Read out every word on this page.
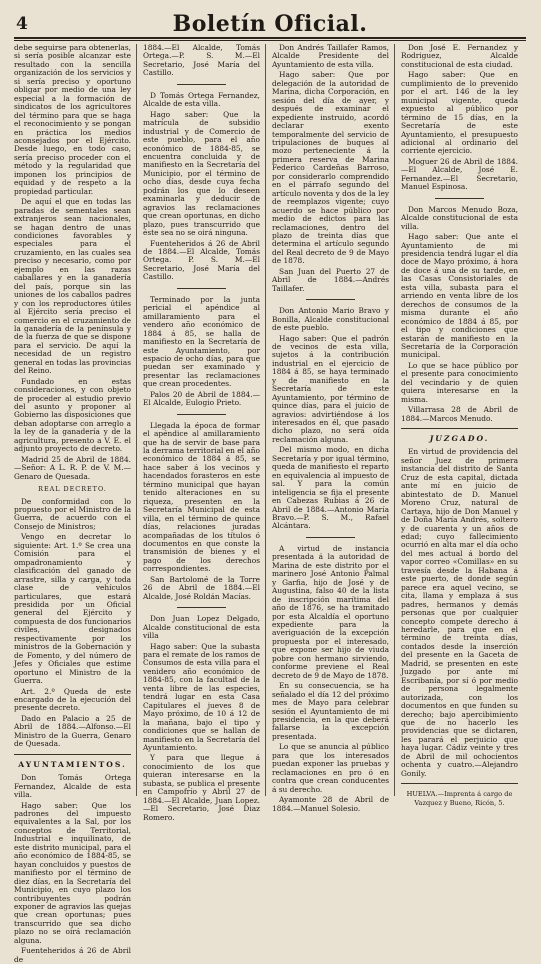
4	Boletín Oficial.

debe seguirse para obtenerlas, si sería posible alcanzar este resultado con la sencilla organización de los servicios y si sería preciso y oportuno obligar por medio de una ley especial a la formación de sindicatos de los agricultores del término para que se haga el reconocimiento y se pongan en práctica los medios aconsejados por el Ejército. Desde luego, en todo caso, sería preciso proceder con el método y la regularidad que imponen los principios de equidad y de respeto a la propiedad particular.

De aquí el que en todas las paradas de sementales sean extranjeros sean nacionales, se hagan dentro de unas condiciones favorables y especiales para el cruzamiento, en las cuales sea preciso y necesario, como por ejemplo en las razas caballares y en la ganadería del país, porque sin las uniones de los caballos padres y con los reproductores útiles al Ejército sería preciso el comercio en el cruzamiento de la ganadería de la península y de la fuerza de que se dispone para el servicio. De aquí la necesidad de un registro general en todas las provincias del Reino.

Fundado en estas consideraciones, y con objeto de proceder al estudio previo del asunto y proponer al Gobierno las disposiciones que deban adoptarse con arreglo a la ley de la ganadería y de la agricultura, presento a V. E. el adjunto proyecto de decreto.

Madrid 25 de Abril de 1884.—Señor: A L. R. P. de V. M.—Genaro de Quesada.

REAL DECRETO.

De conformidad con lo propuesto por el Ministro de la Guerra, de acuerdo con el Consejo de Ministros;

Vengo en decretar lo siguiente: Art. 1.º Se crea una Comisión para el ompadronamiento y clasificación del ganado de arrastre, silla y carga, y toda clase de vehículos particulares, que estará presidida por un Oficial general del Ejército y compuesta de dos funcionarios civiles, designados respectivamente por los ministros de la Gobernación y de Fomento, y del número de Jefes y Oficiales que estime oportuno el Ministro de la Guerra.

Art. 2.º Queda de este encargado de la ejecución del presente decreto.

Dado en Palacio a 25 de Abril de 1884.—Alfonso.—El Ministro de la Guerra, Genaro de Quesada.

AYUNTAMIENTOS.

Don Tomás Ortega Fernandez, Alcalde de esta villa.

Hago saber: Que los padrones del impuesto equivalentes a la Sal, por los conceptos de Territorial, Industrial e inquilinato, de este distrito municipal, para el año económico de 1884-85, se hayan concluidos y puestos de manifiesto por el término de diez días, en la Secretaría del Municipio, en cuyo plazo los contribuyentes podrán exponer de agravios las quejas que crean oportunas; pues transcurrido que sea dicho plazo no se oirá reclamación alguna.

Fuenteheridos á 26 de Abril de

1884.—El Alcalde, Tomás Ortega.—P. S. M.—El Secretario, José María del Castillo.

D Tomás Ortega Fernandez, Alcalde de esta villa.

Hago saber: Que la matrícula de subsidio industrial y de Comercio de este pueblo, para el año económico de 1884-85, se encuentra concluida y de manifiesto en la Secretaría del Municipio, por el término de ocho días, desde cuya fecha podrán los que lo deseen examinarla y deducir de agravios las reclamaciones que crean oportunas, en dicho plazo, pues transcurrido que éste sea no se oirá ninguna.

Fuenteheridos á 26 de Abril de 1884.—El Alcalde, Tomás Ortega. P. S. M.—El Secretario, José María del Castillo.

Terminado por la junta pericial el apéndice al amillaramiento para el vendero año económico de 1884 á 85, se halla de manifiesto en la Secretaría de este Ayuntamiento, por espacio de ocho días, para que puedan ser examinado y presentar las reclamaciones que crean procedentes.

Palos 20 de Abril de 1884.—El Alcalde, Eulogio Prieto.

Llegada la época de formar el apéndice al amillaramiento que ha de servir de base para la derrama territorial en el año económico de 1884 á 85, se hace saber á los vecinos y hacendados forasteros en este término municipal que hayan tenido alteraciones en su riqueza, presenten en la Secretaría Municipal de esta villa, en el término de quince días, relaciones juradas acompañadas de los títulos ó documentos en que conste la transmisión de bienes y el pago de los derechos correspondientes.

San Bartolomé de la Torre 26 de Abril de 1884.—El Alcalde, José Roldán Macías.

Don Juan Lopez Delgado, Alcalde constitucional de esta villa

Hago saber: Que la subasta para el remate de los ramos de Consumos de esta villa para el venidero año económico de 1884-85, con la facultad de la venta libre de las especies, tendrá lugar en esta Casa Capitulares el jueves 8 de Mayo próximo, de 10 á 12 de la mañana, bajo el tipo y condiciones que se hallan de manifiesto en la Secretaría del Ayuntamiento.

Y para que llegue á conocimiento de los que quieran interesarse en la subasta, se publica el presente en Campofrío y Abril 27 de 1884.—El Alcalde, Juan Lopez.—El Secretario, José Diaz Romero.

Don Andrés Taillafer Ramos, Alcalde Presidente del Ayuntamiento de esta villa.

Hago saber: Que por delegación de la autoridad de Marina, dicha Corporación, en sesión del día de ayer, y después de examinar el expediente instruido, acordó declarar exento temporalmente del servicio de tripulaciones de buques al mozo perteneciente á la primera reserva de Marina Federico Cardeñas Barroso, por considerarlo comprendido en el párrafo segundo del artículo noventa y dos de la ley de reemplazos vigente; cuyo acuerdo se hace público por medio de edictos para las reclamaciones, dentro del plazo de treinta días que determina el artículo segundo del Real decreto de 9 de Mayo de 1878.

San Juan del Puerto 27 de Abril de 1884.—Andrés Taillafer.

Don Antonio Mario Bravo y Bonilla, Alcalde constitucional de este pueblo.

Hago saber: Que el padrón de vecinos de esta villa, sujetos á la contribución industrial en el ejercicio de 1884 á 85, se haya terminado y de manifiesto en la Secretaría de este Ayuntamiento, por término de quince días, para el juicio de agravios: advirtiéndose á los interesados en él, que pasado dicho plazo, no será oída reclamación alguna.

Del mismo modo, en dicha Secretaría y por igual término, queda de manifiesto el reparto en equivalencia al impuesto de sal. Y para la común inteligencia se fija el presente en Cabezas Rubias á 26 de Abril de 1884.—Antonio María Bravo.—P. S. M., Rafael Alcántara.

A virtud de instancia presentada á la autoridad de Marina de este distrito por el marinero José Antonio Palmal y Garfia, hijo de José y de Augustina, falso 40 de la lista de inscripción marítima del año de 1876, se ha tramitado por esta Alcaldía el oportuno expediente para la averiguación de la excepción propuesta por el interesado, que expone ser hijo de viuda pobre con hermano sirviendo, conforme previene el Real decreto de 9 de Mayo de 1878.

En su consecuencia, se ha señalado el día 12 del próximo mes de Mayo para celebrar sesión el Ayuntamiento de mi presidencia, en la que deberá fallarse la excepción presentada.

Lo que se anuncia al público para que los interesados puedan exponer las pruebas y reclamaciones en pro ó en contra que crean conducentes á su derecho.

Ayamonte 28 de Abril de 1884.—Manuel Solesio.

Don José E. Fernandez y Rodriguez, Alcalde constitucional de esta ciudad.

Hago saber: Que en cumplimiento de lo prevenido por el art. 146 de la ley municipal vigente, queda expuesto al público por término de 15 días, en la Secretaría de este Ayuntamiento, el presupuesto adicional al ordinario del corriente ejercicio.

Moguer 26 de Abril de 1884.—El Alcalde, José E. Fernandez.—El Secretario, Manuel Espinosa.

Don Marcos Menudo Boza, Alcalde constitucional de esta villa.

Hago saber: Que ante el Ayuntamiento de mi presidencia tendrá lugar el día doce de Mayo próximo, á hora de doce á una de su tarde, en las Casas Consistoriales de esta villa, subasta para el arriendo en venta libre de los derechos de consumos de la misma durante el año económico de 1884 á 85, por el tipo y condiciones que estarán de manifiesto en la Secretaría de la Corporación municipal.

Lo que se hace público por el presente para conocimiento del vecindario y de quien quiera interesarse en la misma.

Villarrasa 28 de Abril de 1884.—Marcos Menudo.

JUZGADO.

En virtud de providencia del señor Juez de primera instancia del distrito de Santa Cruz de esta capital, dictada ante mí en juicio de abintestato de D. Manuel Moreno Cruz, natural de Cartaya, hijo de Don Manuel y de Doña María Andrés, soltero y de cuarenta y un años de edad; cuyo fallecimiento ocurrió en alta mar el día ocho del mes actual á bordo del vapor correo «Comillas» en su travesía desde la Habana á este puerto, de donde según parece era aquel vecino, se cita, llama y emplaza á sus padres, hermanos y demás personas que por cualquier concepto compete derecho á heredarle, para que en el término de treinta días, contados desde la inserción del presente en la Gaceta de Madrid, se presenten en este Juzgado por ante mí Escribanía, por sí ó por medio de persona legalmente autorizada, con los documentos en que funden su derecho; bajo apercibimiento que de no hacerlo les providencias que se dictaren, les parará el perjuicio que haya lugar. Cádiz veinte y tres de Abril de mil ochocientos ochenta y cuatro.—Alejandro Gonily.

HUELVA.—Imprenta á cargo de
Vazquez y Bueno, Ricón, 5.
